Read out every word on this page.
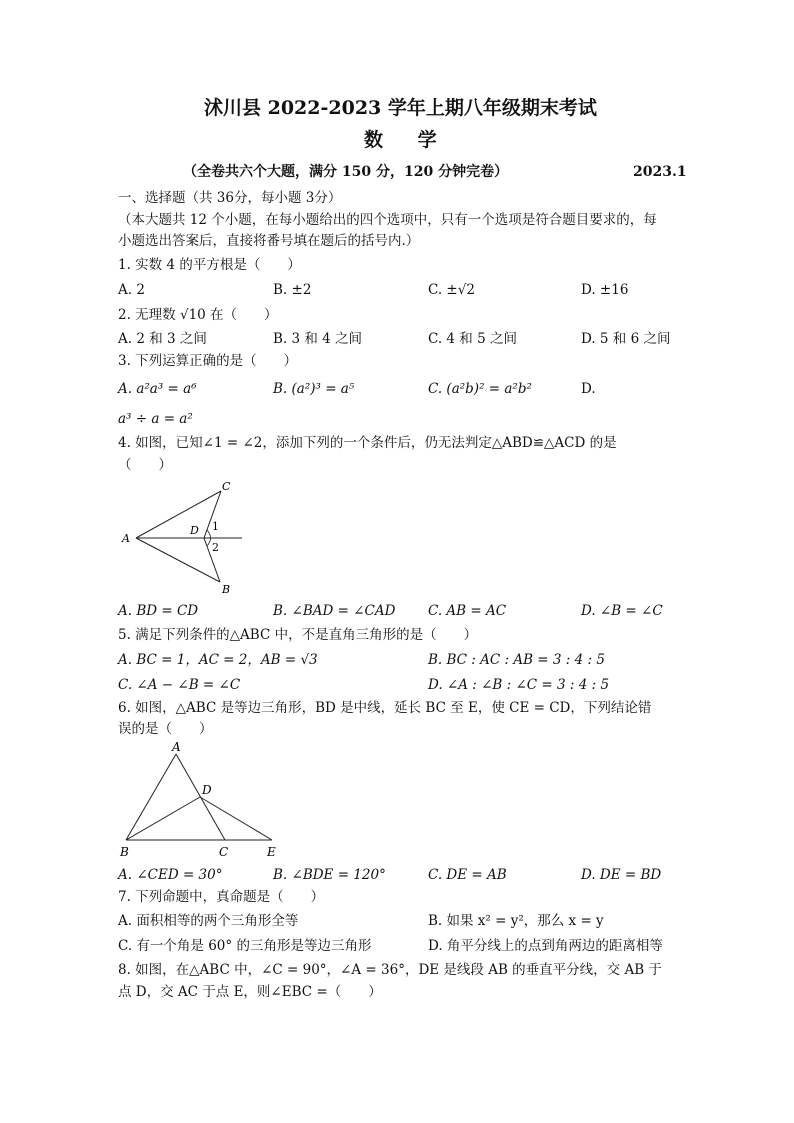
沭川县 2022-2023 学年上期八年级期末考试
数 学
（全卷共六个大题，满分 150 分，120 分钟完卷）	2023.1
一、选择题（共 36分，每小题 3分）
（本大题共 12 个小题，在每小题给出的四个选项中，只有一个选项是符合题目要求的，每
小题选出答案后，直接将番号填在题后的括号内.）
1. 实数 4 的平方根是（　　）
A. 2	B. ±2	C. ±√2	D. ±16
2. 无理数 √10 在（　　）
A. 2 和 3 之间	B. 3 和 4 之间	C. 4 和 5 之间	D. 5 和 6 之间
3. 下列运算正确的是（　　）
A. a²a³ = a⁶	B. (a²)³ = a⁵	C. (a²b)² = a²b²	D.
a³ ÷ a = a²
4. 如图，已知∠1 = ∠2，添加下列的一个条件后，仍无法判定△ABD≌△ACD 的是
（　　）
A
C
B
D 1
2
A. BD = CD	B. ∠BAD = ∠CAD C. AB = AC	D. ∠B = ∠C
5. 满足下列条件的△ABC 中，不是直角三角形的是（　　）
A. BC = 1，AC = 2，AB = √3	B. BC : AC : AB = 3 : 4 : 5
C. ∠A − ∠B = ∠C	D. ∠A : ∠B : ∠C = 3 : 4 : 5
6. 如图，△ABC 是等边三角形，BD 是中线，延长 BC 至 E，使 CE = CD，下列结论错
误的是（　　）
A
B	C
D
E
A. ∠CED = 30°	B. ∠BDE = 120°	C. DE = AB	D. DE = BD
7. 下列命题中，真命题是（　　）
A. 面积相等的两个三角形全等	B. 如果 x² = y²，那么 x = y
C. 有一个角是 60° 的三角形是等边三角形	D. 角平分线上的点到角两边的距离相等
8. 如图，在△ABC 中，∠C = 90°，∠A = 36°，DE 是线段 AB 的垂直平分线，交 AB 于
点 D，交 AC 于点 E，则∠EBC =（　　）
